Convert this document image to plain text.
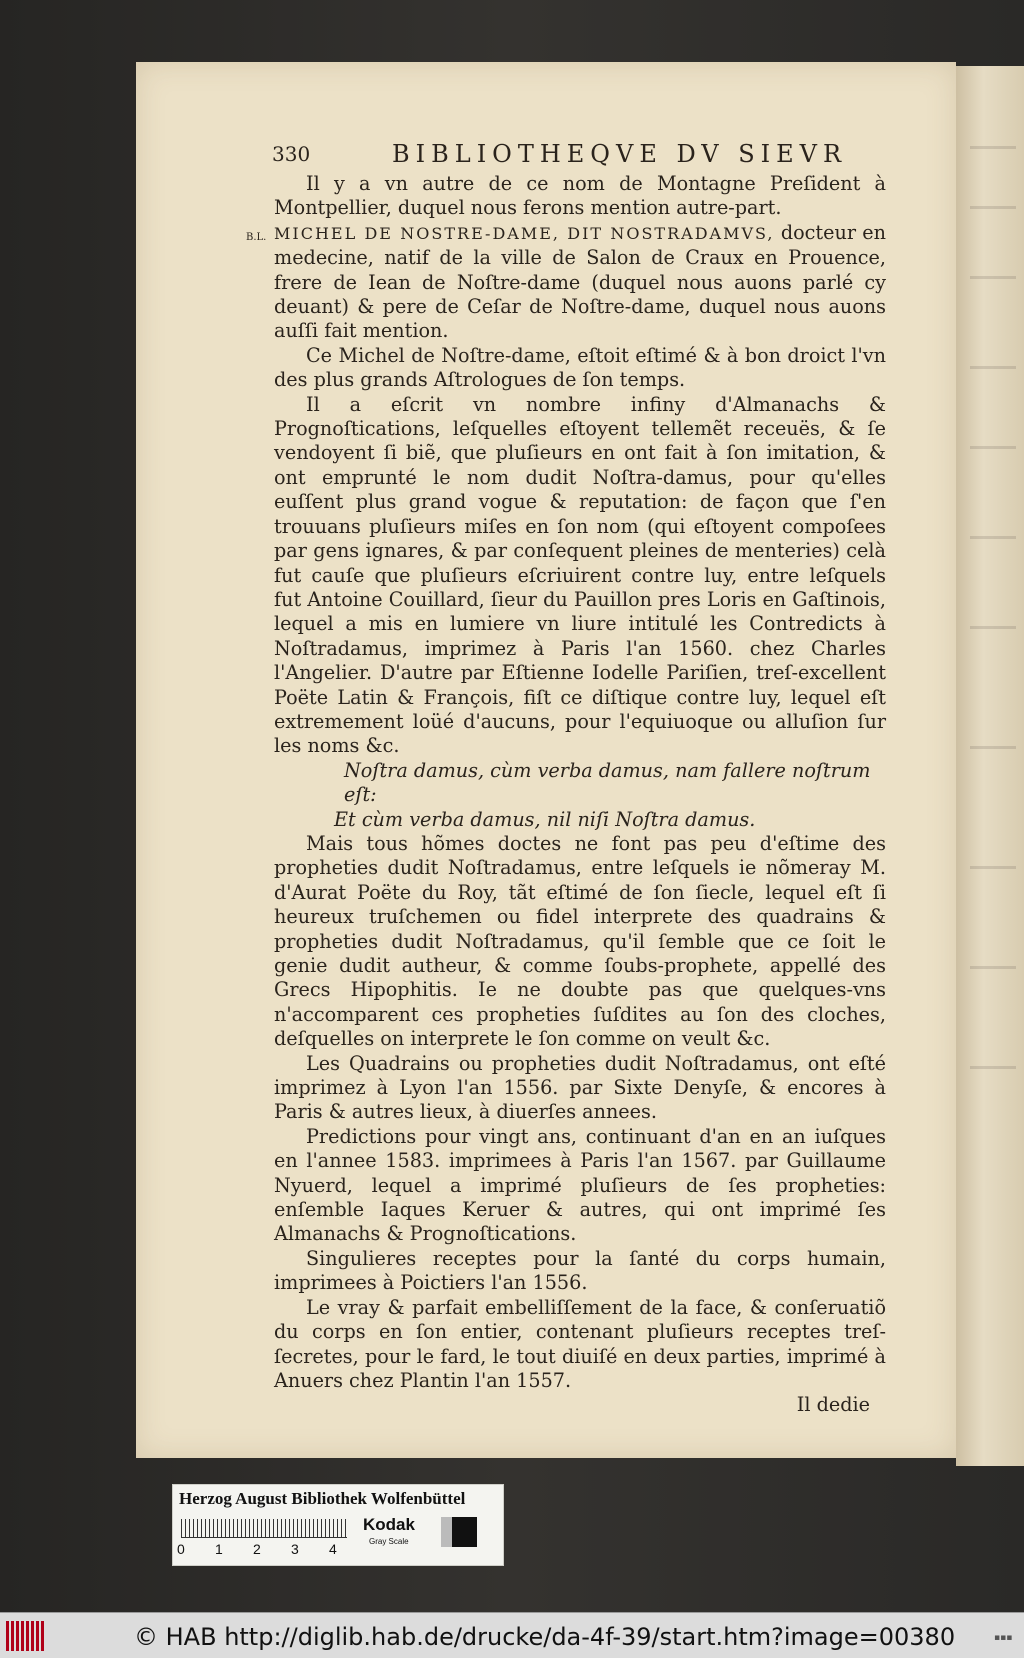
330	BIBLIOTHEQVE DV SIEVR
B.L.

Il y a vn autre de ce nom de Montagne Preſident à Montpellier, duquel nous ferons mention autre-part.

MICHEL DE NOSTRE-DAME, DIT NOSTRADAMVS, docteur en medecine, natif de la ville de Salon de Craux en Prouence, frere de Iean de Noſtre-dame (duquel nous auons parlé cy deuant) & pere de Ceſar de Noſtre-dame, duquel nous auons auſſi fait mention.

Ce Michel de Noſtre-dame, eſtoit eſtimé & à bon droict l'vn des plus grands Aſtrologues de ſon temps.

Il a eſcrit vn nombre infiny d'Almanachs & Prognoſtications, leſquelles eſtoyent tellemẽt receuës, & ſe vendoyent ſi biẽ, que pluſieurs en ont fait à ſon imitation, & ont emprunté le nom dudit Noſtra-damus, pour qu'elles euſſent plus grand vogue & reputation: de façon que ſ'en trouuans pluſieurs miſes en ſon nom (qui eſtoyent compoſees par gens ignares, & par conſequent pleines de menteries) celà fut cauſe que pluſieurs eſcriuirent contre luy, entre leſquels fut Antoine Couillard, ſieur du Pauillon pres Loris en Gaſtinois, lequel a mis en lumiere vn liure intitulé les Contredicts à Noſtradamus, imprimez à Paris l'an 1560. chez Charles l'Angelier. D'autre par Eſtienne Iodelle Pariſien, treſ-excellent Poëte Latin & François, fiſt ce diſtique contre luy, lequel eſt extremement loüé d'aucuns, pour l'equiuoque ou alluſion ſur les noms &c.

Noſtra damus, cùm verba damus, nam fallere noſtrum eſt:

Et cùm verba damus, nil niſi Noſtra damus.

Mais tous hõmes doctes ne font pas peu d'eſtime des propheties dudit Noſtradamus, entre leſquels ie nõmeray M. d'Aurat Poëte du Roy, tãt eſtimé de ſon ſiecle, lequel eſt ſi heureux truſchemen ou fidel interprete des quadrains & propheties dudit Noſtradamus, qu'il ſemble que ce ſoit le genie dudit autheur, & comme ſoubs-prophete, appellé des Grecs Hipophitis. Ie ne doubte pas que quelques-vns n'accomparent ces propheties ſuſdites au ſon des cloches, deſquelles on interprete le ſon comme on veult &c.

Les Quadrains ou propheties dudit Noſtradamus, ont eſté imprimez à Lyon l'an 1556. par Sixte Denyſe, & encores à Paris & autres lieux, à diuerſes annees.

Predictions pour vingt ans, continuant d'an en an iuſques en l'annee 1583. imprimees à Paris l'an 1567. par Guillaume Nyuerd, lequel a imprimé pluſieurs de ſes propheties: enſemble Iaques Keruer & autres, qui ont imprimé ſes Almanachs & Prognoſtications.

Singulieres receptes pour la ſanté du corps humain, imprimees à Poictiers l'an 1556.

Le vray & parfait embelliſſement de la face, & conſeruatiõ du corps en ſon entier, contenant pluſieurs receptes treſ-ſecretes, pour le fard, le tout diuiſé en deux parties, imprimé à Anuers chez Plantin l'an 1557.

Il dedie

Herzog August Bibliothek Wolfenbüttel
0 1 2 3 4
Kodak
Gray Scale
© HAB http://diglib.hab.de/drucke/da-4f-39/start.htm?image=00380	▪▪▪
